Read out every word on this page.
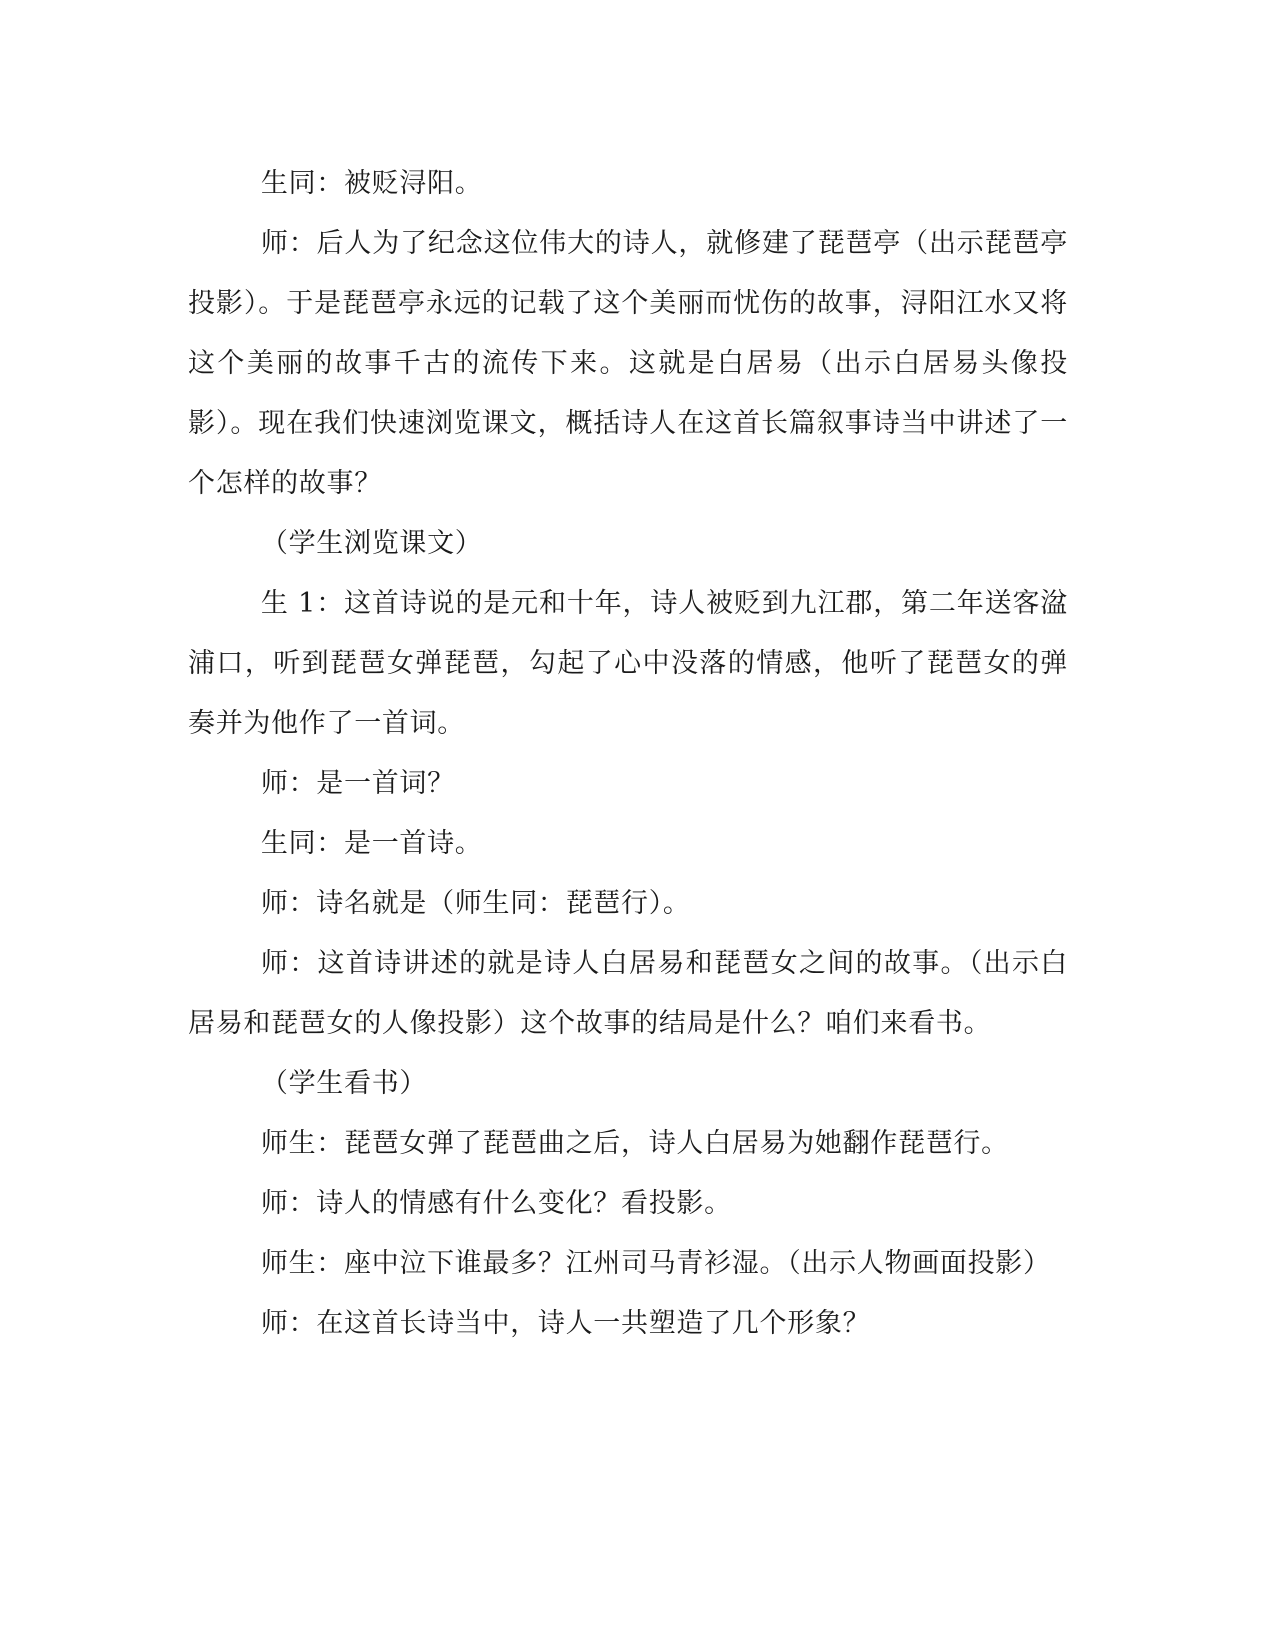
生同：被贬浔阳。

师：后人为了纪念这位伟大的诗人，就修建了琵琶亭（出示琵琶亭投影）。于是琵琶亭永远的记载了这个美丽而忧伤的故事，浔阳江水又将这个美丽的故事千古的流传下来。这就是白居易（出示白居易头像投影）。现在我们快速浏览课文，概括诗人在这首长篇叙事诗当中讲述了一个怎样的故事？

（学生浏览课文）

生 1：这首诗说的是元和十年，诗人被贬到九江郡，第二年送客湓浦口，听到琵琶女弹琵琶，勾起了心中没落的情感，他听了琵琶女的弹奏并为他作了一首词。

师：是一首词？

生同：是一首诗。

师：诗名就是（师生同：琵琶行）。

师：这首诗讲述的就是诗人白居易和琵琶女之间的故事。（出示白居易和琵琶女的人像投影）这个故事的结局是什么？咱们来看书。

（学生看书）

师生：琵琶女弹了琵琶曲之后，诗人白居易为她翻作琵琶行。

师：诗人的情感有什么变化？看投影。

师生：座中泣下谁最多？江州司马青衫湿。（出示人物画面投影）

师：在这首长诗当中，诗人一共塑造了几个形象？
